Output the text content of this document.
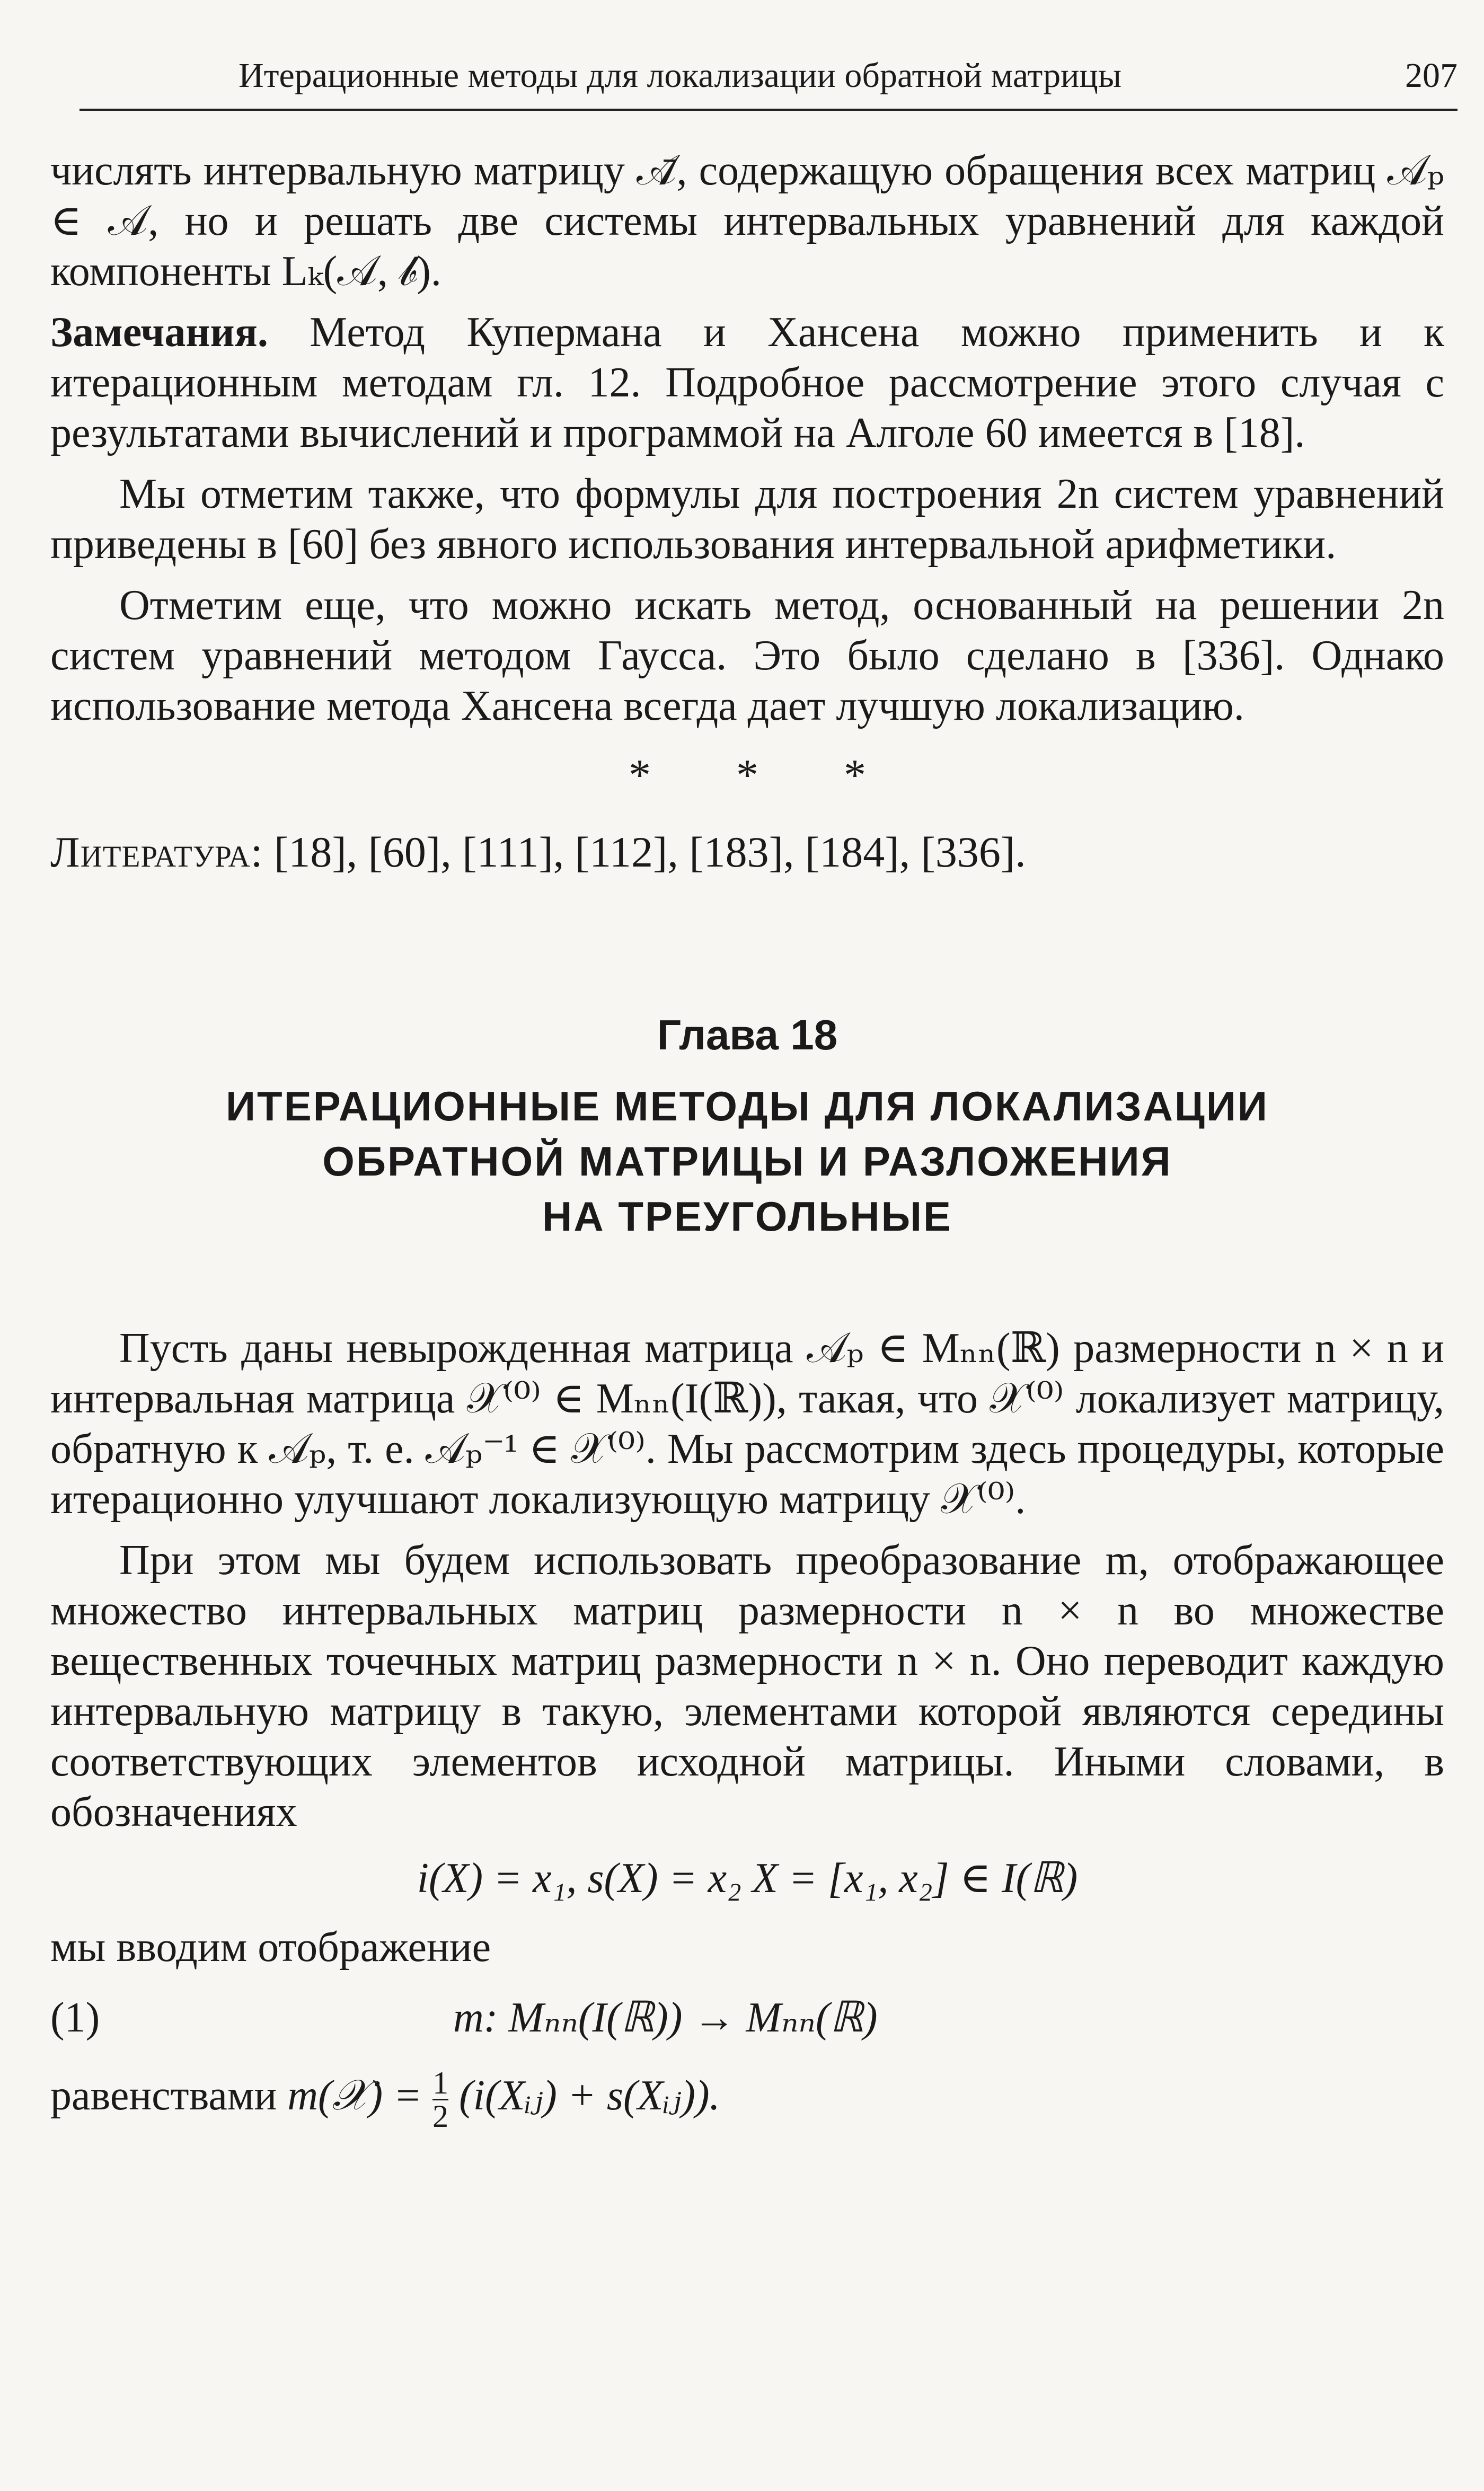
Итерационные методы для локализации обратной матрицы	207

числять интервальную матрицу 𝒜̄, содержащую обращения всех матриц 𝒜ₚ ∈ 𝒜, но и решать две системы интервальных уравнений для каждой компоненты Lₖ(𝒜, 𝒷).

Замечания. Метод Купермана и Хансена можно применить и к итерационным методам гл. 12. Подробное рассмотрение этого случая с результатами вычислений и программой на Алголе 60 имеется в [18].

Мы отметим также, что формулы для построения 2n систем уравнений приведены в [60] без явного использования интервальной арифметики.

Отметим еще, что можно искать метод, основанный на решении 2n систем уравнений методом Гаусса. Это было сделано в [336]. Однако использование метода Хансена всегда дает лучшую локализацию.

* * *

Литература: [18], [60], [111], [112], [183], [184], [336].

Глава 18
ИТЕРАЦИОННЫЕ МЕТОДЫ ДЛЯ ЛОКАЛИЗАЦИИ
ОБРАТНОЙ МАТРИЦЫ И РАЗЛОЖЕНИЯ
НА ТРЕУГОЛЬНЫЕ

Пусть даны невырожденная матрица 𝒜ₚ ∈ Mₙₙ(ℝ) размерности n × n и интервальная матрица 𝒳⁽⁰⁾ ∈ Mₙₙ(I(ℝ)), такая, что 𝒳⁽⁰⁾ локализует матрицу, обратную к 𝒜ₚ, т. е. 𝒜ₚ⁻¹ ∈ 𝒳⁽⁰⁾. Мы рассмотрим здесь процедуры, которые итерационно улучшают локализующую матрицу 𝒳⁽⁰⁾.

При этом мы будем использовать преобразование m, отображающее множество интервальных матриц размерности n × n во множестве вещественных точечных матриц размерности n × n. Оно переводит каждую интервальную матрицу в такую, элементами которой являются середины соответствующих элементов исходной матрицы. Иными словами, в обозначениях

i(X) = x₁, s(X) = x₂ X = [x₁, x₂] ∈ I(ℝ)

мы вводим отображение

(1)	m: Mₙₙ(I(ℝ)) → Mₙₙ(ℝ)

равенствами m(𝒳) = $\frac{1}{2}$ (i(Xᵢⱼ) + s(Xᵢⱼ)).
